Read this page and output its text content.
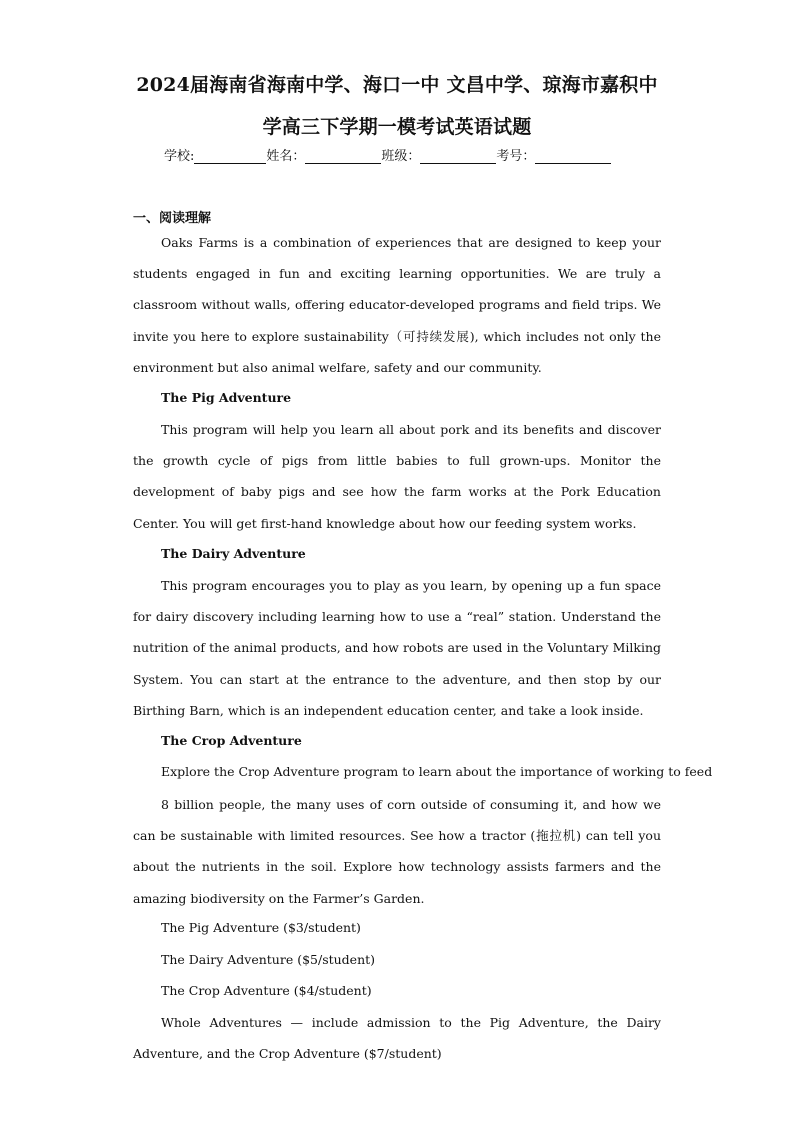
2024届海南省海南中学、海口一中 文昌中学、琼海市嘉积中
学高三下学期一模考试英语试题
学校:	姓名：	班级：	考号：
一、阅读理解

Oaks Farms is a combination of experiences that are designed to keep your students engaged in fun and exciting learning opportunities. We are truly a classroom without walls, offering educator-developed programs and field trips. We invite you here to explore sustainability（可持续发展), which includes not only the environment but also animal welfare, safety and our community.

The Pig Adventure

This program will help you learn all about pork and its benefits and discover the growth cycle of pigs from little babies to full grown-ups. Monitor the development of baby pigs and see how the farm works at the Pork Education Center. You will get first-hand knowledge about how our feeding system works.

The Dairy Adventure

This program encourages you to play as you learn, by opening up a fun space for dairy discovery including learning how to use a “real” station. Understand the nutrition of the animal products, and how robots are used in the Voluntary Milking System. You can start at the entrance to the adventure, and then stop by our Birthing Barn, which is an independent education center, and take a look inside.

The Crop Adventure
Explore the Crop Adventure program to learn about the importance of working to feed

8 billion people, the many uses of corn outside of consuming it, and how we can be sustainable with limited resources. See how a tractor (拖拉机) can tell you about the nutrients in the soil. Explore how technology assists farmers and the amazing biodiversity on the Farmer’s Garden.

The Pig Adventure ($3/student)
The Dairy Adventure ($5/student)
The Crop Adventure ($4/student)

Whole Adventures — include admission to the Pig Adventure, the Dairy Adventure, and the Crop Adventure ($7/student)
